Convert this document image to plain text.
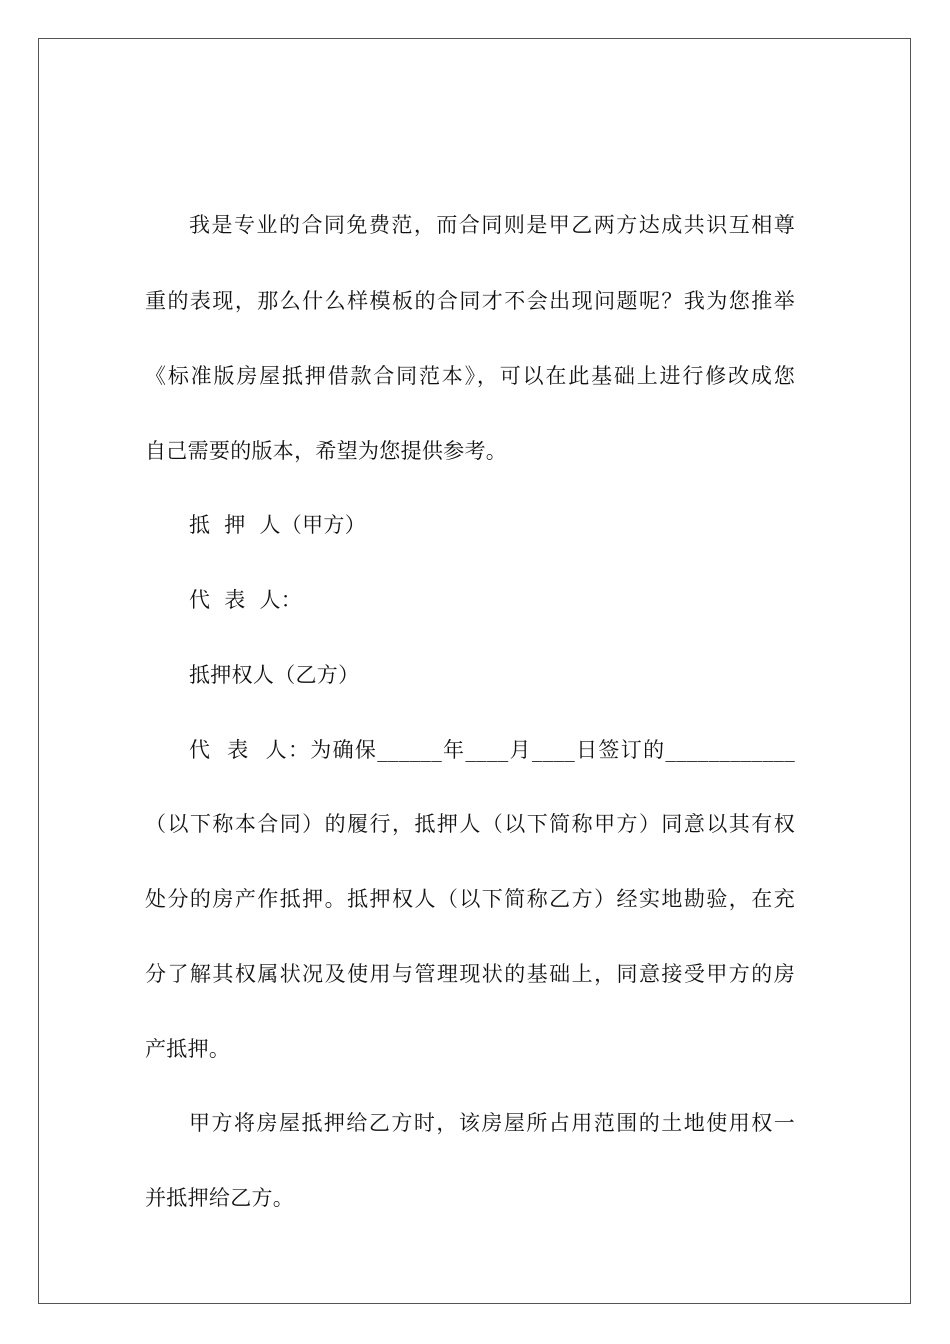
我是专业的合同免费范，而合同则是甲乙两方达成共识互相尊
重的表现，那么什么样模板的合同才不会出现问题呢？我为您推举
《标准版房屋抵押借款合同范本》，可以在此基础上进行修改成您
自己需要的版本，希望为您提供参考。
抵  押  人（甲方）
代  表  人：
抵押权人（乙方）
代  表  人：为确保______年____月____日签订的____________
（以下称本合同）的履行，抵押人（以下简称甲方）同意以其有权
处分的房产作抵押。抵押权人（以下简称乙方）经实地勘验，在充
分了解其权属状况及使用与管理现状的基础上，同意接受甲方的房
产抵押。
甲方将房屋抵押给乙方时，该房屋所占用范围的土地使用权一
并抵押给乙方。
